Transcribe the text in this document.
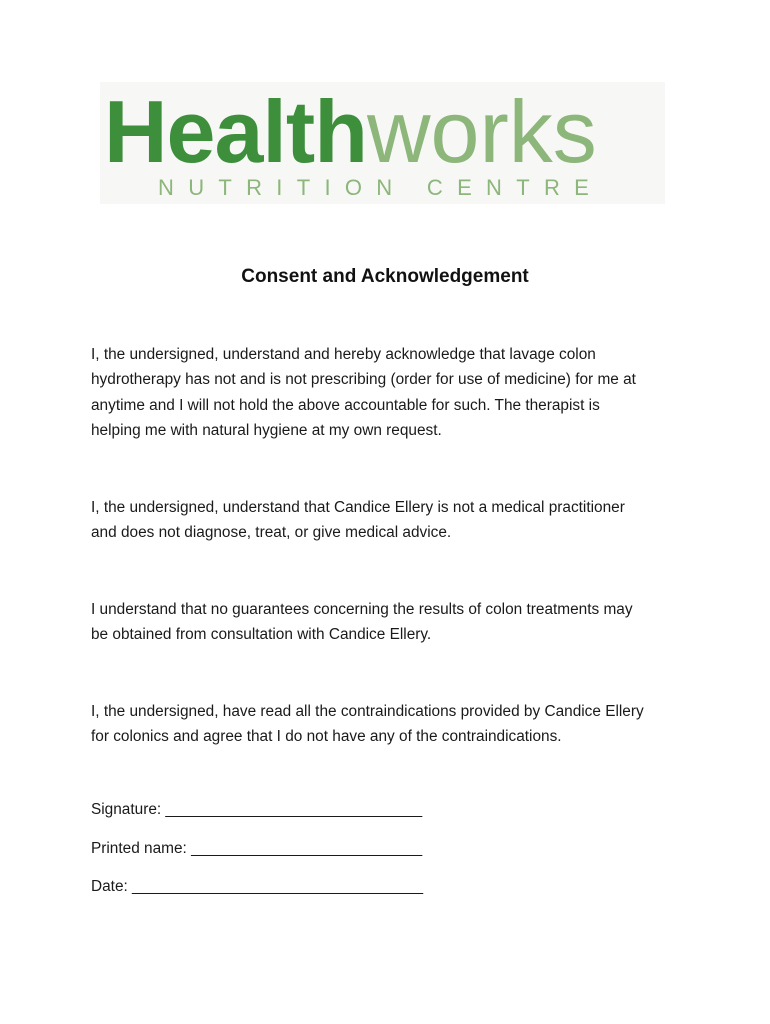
Healthworks
NUTRITION CENTRE
Consent and Acknowledgement
I, the undersigned, understand and hereby acknowledge that lavage colon
hydrotherapy has not and is not prescribing (order for use of medicine) for me at
anytime and I will not hold the above accountable for such. The therapist is
helping me with natural hygiene at my own request.
I, the undersigned, understand that Candice Ellery is not a medical practitioner
and does not diagnose, treat, or give medical advice.
I understand that no guarantees concerning the results of colon treatments may
be obtained from consultation with Candice Ellery.
I, the undersigned, have read all the contraindications provided by Candice Ellery
for colonics and agree that I do not have any of the contraindications.
Signature: ______________________________
Printed name: ___________________________
Date: __________________________________
